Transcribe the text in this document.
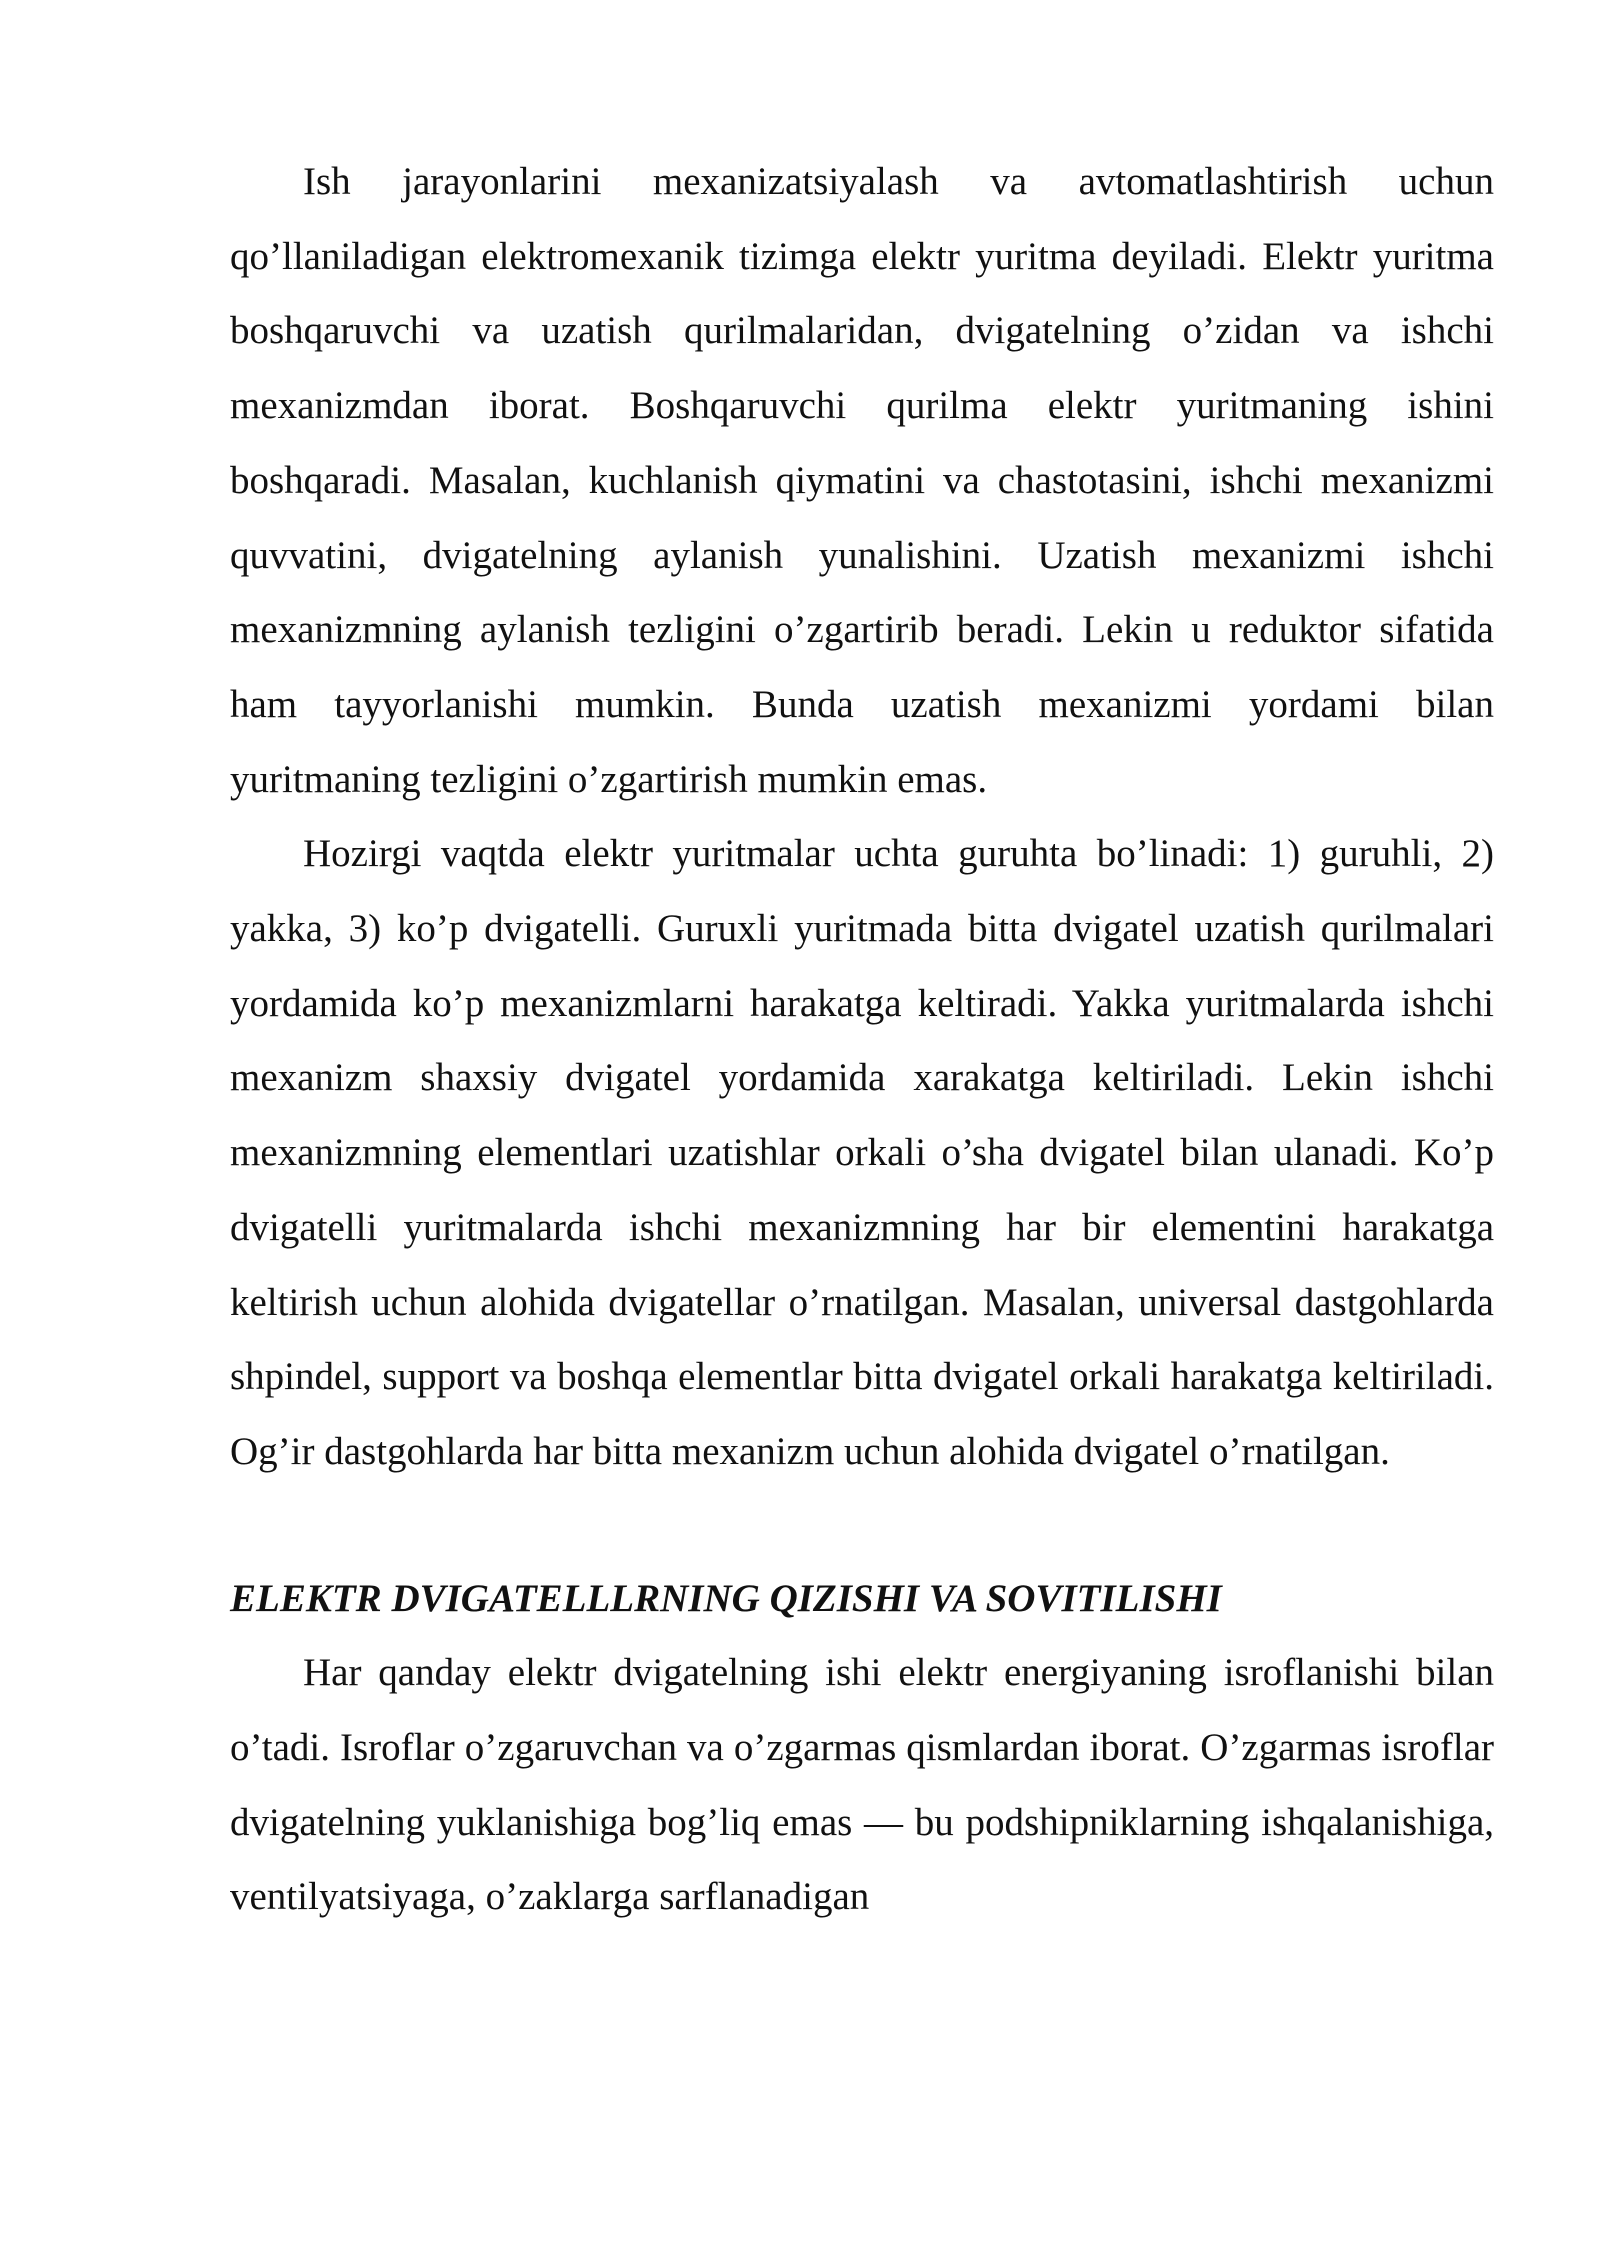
Ish jarayonlarini mexanizatsiyalash va avtomatlashtirish uchun qo’llaniladigan elektromexanik tizimga elektr yuritma deyiladi. Elektr yuritma boshqaruvchi va uzatish qurilmalaridan, dvigatelning o’zidan va ishchi mexanizmdan iborat. Boshqaruvchi qurilma elektr yuritmaning ishini boshqaradi. Masalan, kuchlanish qiymatini va chastotasini, ishchi mexanizmi quvvatini, dvigatelning aylanish yunalishini. Uzatish mexanizmi ishchi mexanizmning aylanish tezligini o’zgartirib beradi. Lekin u reduktor sifatida ham tayyorlanishi mumkin. Bunda uzatish mexanizmi yordami bilan yuritmaning tezligini o’zgartirish mumkin emas.

Hozirgi vaqtda elektr yuritmalar uchta guruhta bo’linadi: 1) guruhli, 2) yakka, 3) ko’p dvigatelli. Guruxli yuritmada bitta dvigatel uzatish qurilmalari yordamida ko’p mexanizmlarni harakatga keltiradi. Yakka yuritmalarda ishchi mexanizm shaxsiy dvigatel yordamida xarakatga keltiriladi. Lekin ishchi mexanizmning elementlari uzatishlar orkali o’sha dvigatel bilan ulanadi. Ko’p dvigatelli yuritmalarda ishchi mexanizmning har bir elementini harakatga keltirish uchun alohida dvigatellar o’rnatilgan. Masalan, universal dastgohlarda shpindel, support va boshqa elementlar bitta dvigatel orkali harakatga keltiriladi. Og’ir dastgohlarda har bitta mexanizm uchun alohida dvigatel o’rnatilgan.

ELEKTR DVIGATELLLRNING QIZISHI VA SOVITILISHI

Har qanday elektr dvigatelning ishi elektr energiyaning isroflanishi bilan o’tadi. Isroflar o’zgaruvchan va o’zgarmas qismlardan iborat. O’zgarmas isroflar dvigatelning yuklanishiga bog’liq emas — bu podshipniklarning ishqalanishiga, ventilyatsiyaga, o’zaklarga sarflanadigan
